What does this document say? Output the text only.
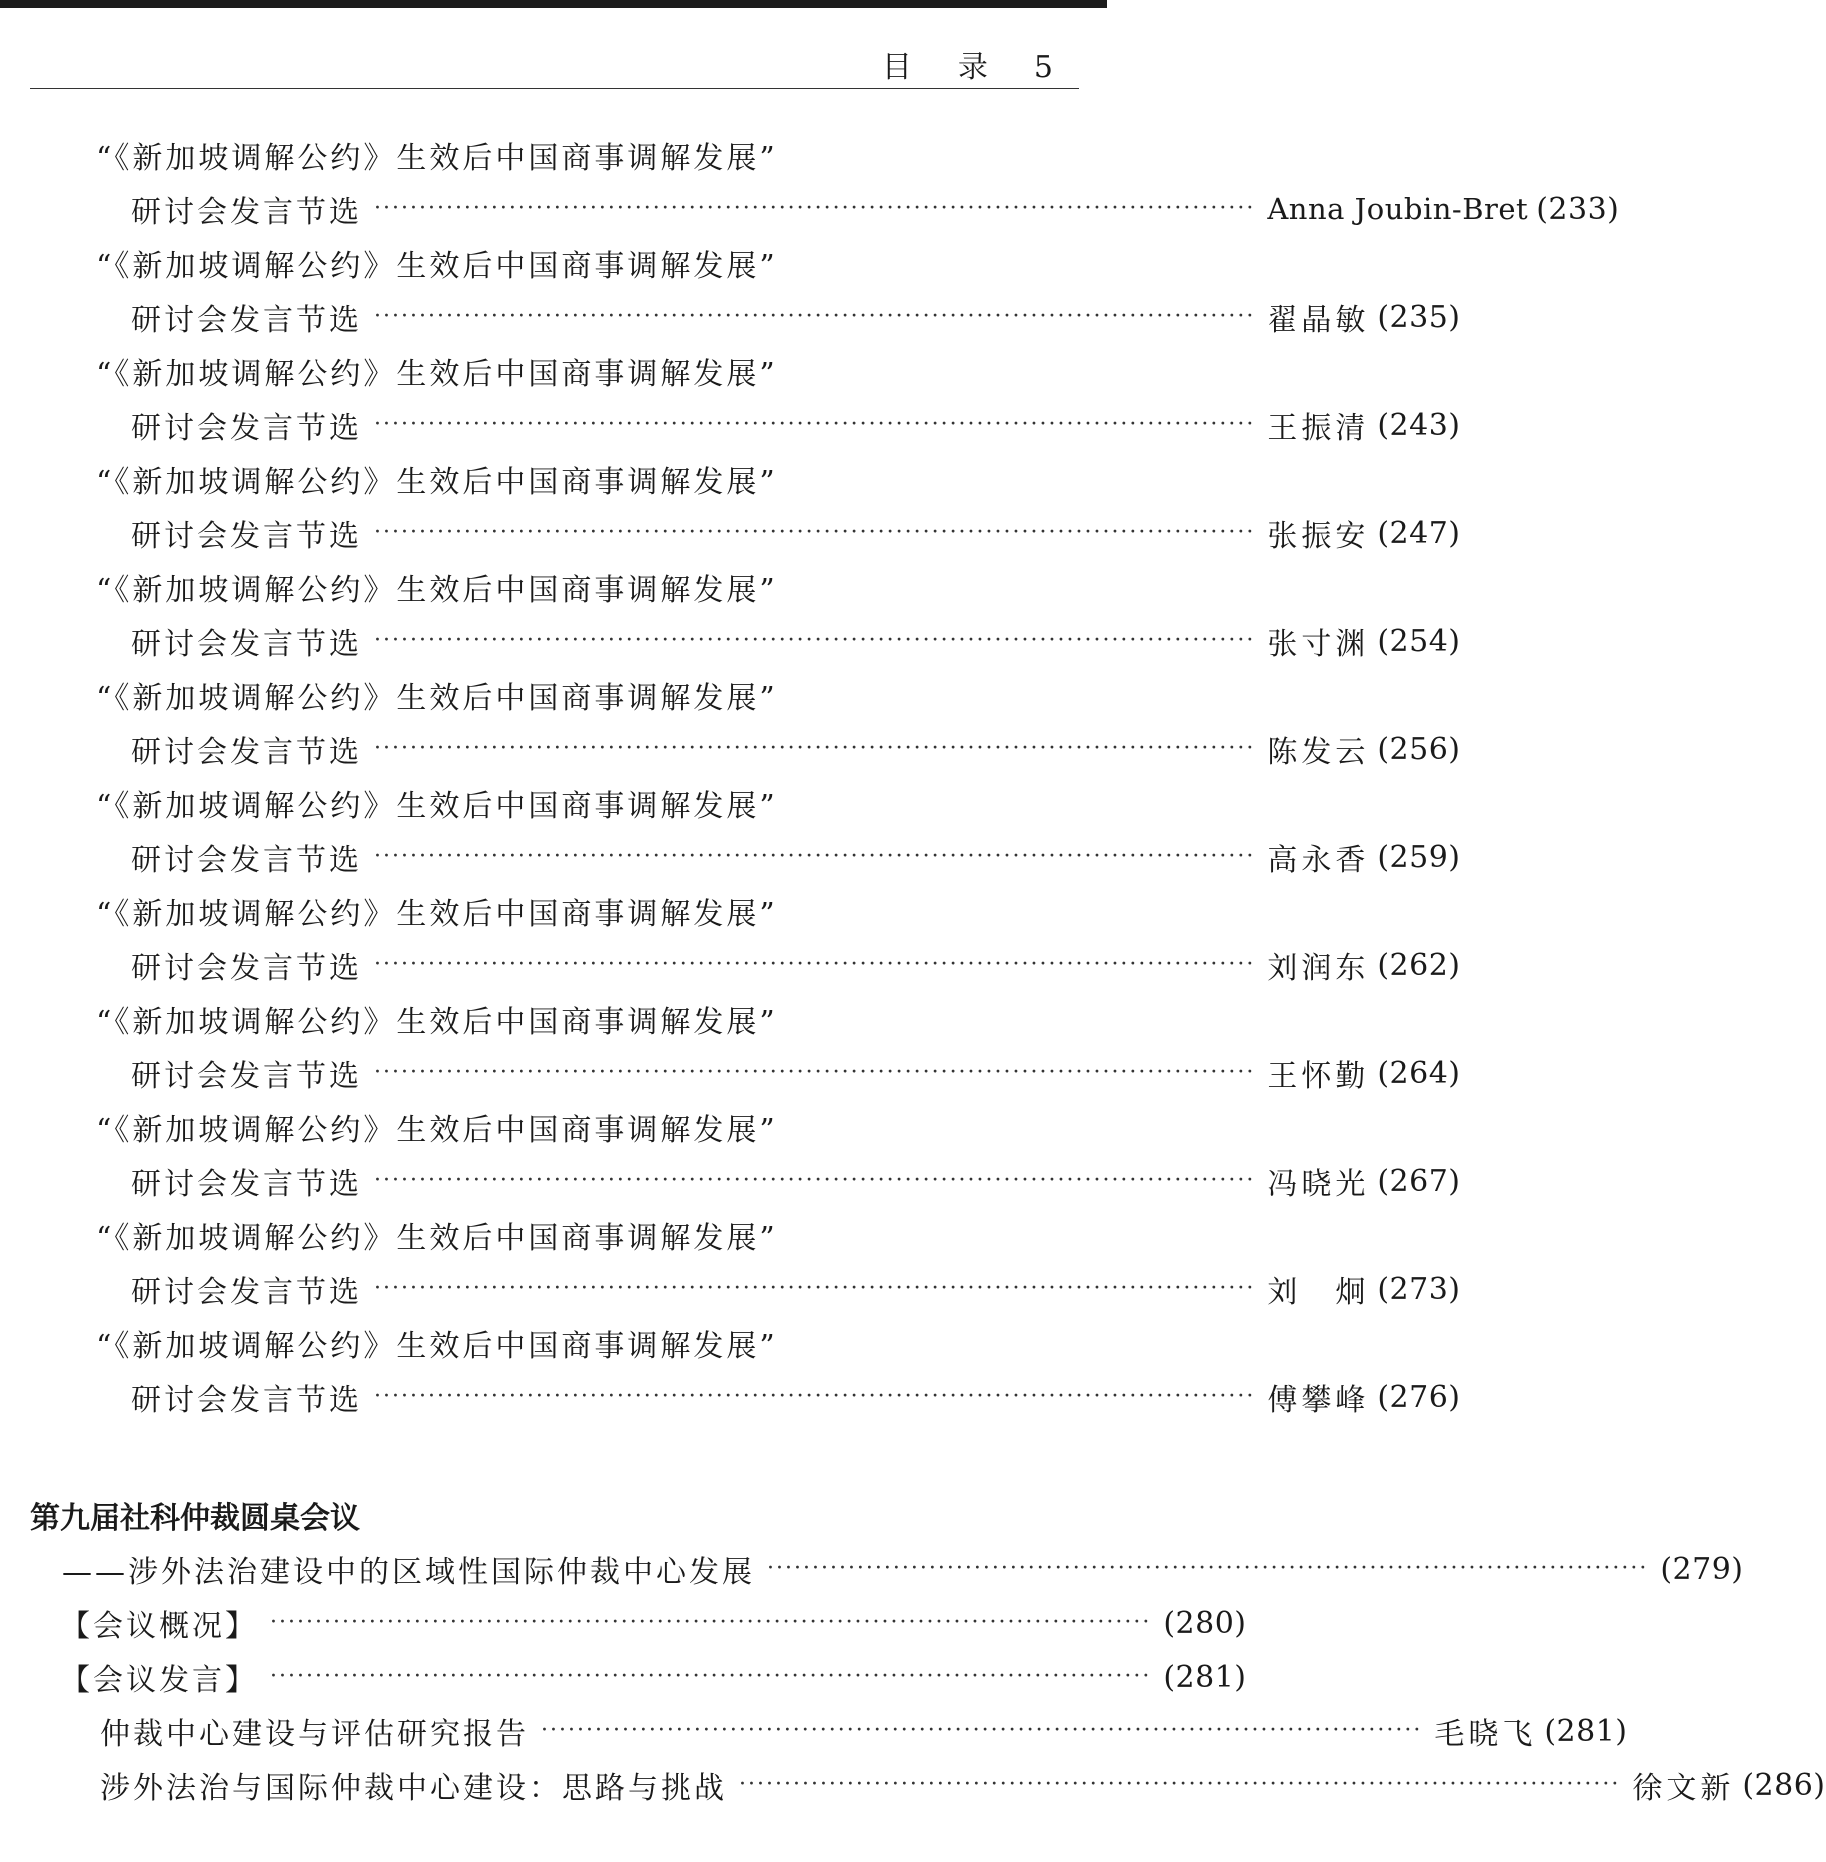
目 录 5
“《新加坡调解公约》生效后中国商事调解发展”
研讨会发言节选 ·································································································· Anna Joubin-Bret (233)
“《新加坡调解公约》生效后中国商事调解发展”
研讨会发言节选 ·································································································· 翟晶敏 (235)
“《新加坡调解公约》生效后中国商事调解发展”
研讨会发言节选 ·································································································· 王振清 (243)
“《新加坡调解公约》生效后中国商事调解发展”
研讨会发言节选 ·································································································· 张振安 (247)
“《新加坡调解公约》生效后中国商事调解发展”
研讨会发言节选 ·································································································· 张寸渊 (254)
“《新加坡调解公约》生效后中国商事调解发展”
研讨会发言节选 ·································································································· 陈发云 (256)
“《新加坡调解公约》生效后中国商事调解发展”
研讨会发言节选 ·································································································· 高永香 (259)
“《新加坡调解公约》生效后中国商事调解发展”
研讨会发言节选 ·································································································· 刘润东 (262)
“《新加坡调解公约》生效后中国商事调解发展”
研讨会发言节选 ·································································································· 王怀勤 (264)
“《新加坡调解公约》生效后中国商事调解发展”
研讨会发言节选 ·································································································· 冯晓光 (267)
“《新加坡调解公约》生效后中国商事调解发展”
研讨会发言节选 ·································································································· 刘　炯 (273)
“《新加坡调解公约》生效后中国商事调解发展”
研讨会发言节选 ·································································································· 傅攀峰 (276)
第九届社科仲裁圆桌会议
——涉外法治建设中的区域性国际仲裁中心发展 ·································································································· (279)
【会议概况】 ·································································································· (280)
【会议发言】 ·································································································· (281)
仲裁中心建设与评估研究报告 ·································································································· 毛晓飞 (281)
涉外法治与国际仲裁中心建设：思路与挑战 ·································································································· 徐文新 (286)
